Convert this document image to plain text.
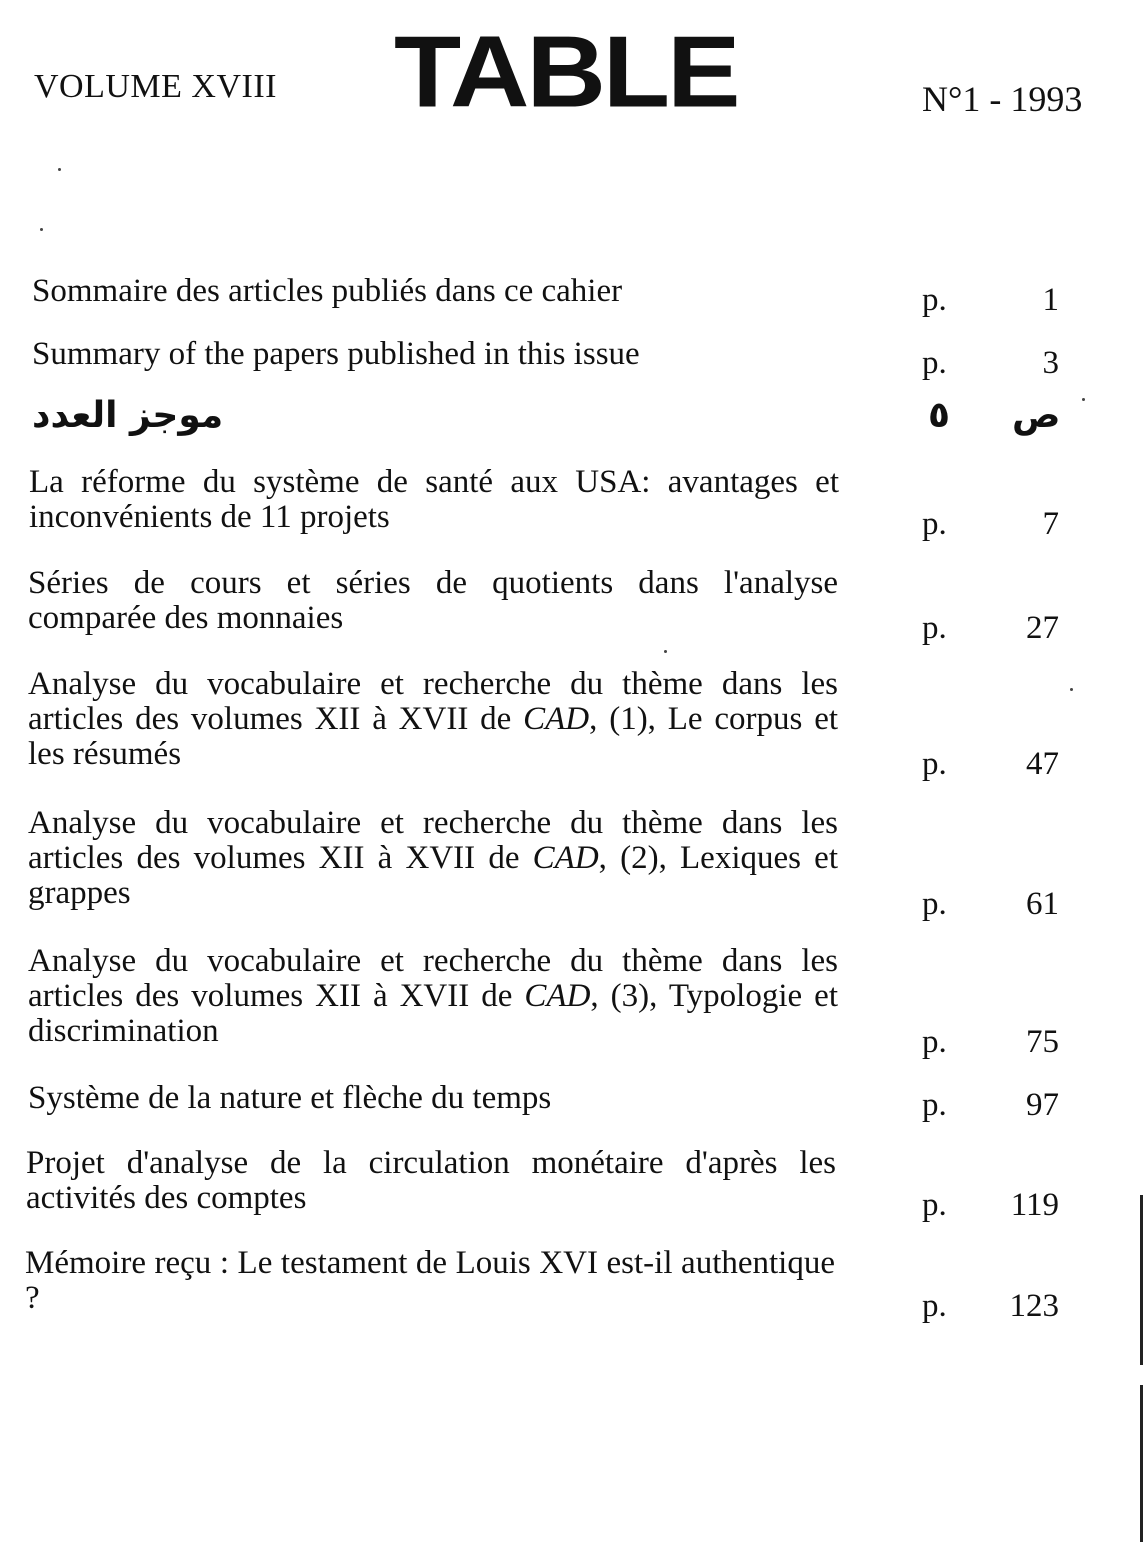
VOLUME XVIII TABLE	N°1 - 1993
Sommaire des articles publiés dans ce cahier	p.	1
Summary of the papers published in this issue	p.	3
موجز العدد	٥ ص
La réforme du système de santé aux USA: avantages et inconvénients de 11 projets	p.	7
Séries de cours et séries de quotients dans l'analyse comparée des monnaies	p. 27
Analyse du vocabulaire et recherche du thème dans les articles des volumes XII à XVII de CAD, (1), Le corpus et les résumés	p. 47
Analyse du vocabulaire et recherche du thème dans les articles des volumes XII à XVII de CAD, (2), Lexiques et grappes	p. 61
Analyse du vocabulaire et recherche du thème dans les articles des volumes XII à XVII de CAD, (3), Typologie et discrimination	p. 75
Système de la nature et flèche du temps	p. 97
Projet d'analyse de la circulation monétaire d'après les activités des comptes	p. 119
Mémoire reçu : Le testament de Louis XVI est-il authentique ?	p. 123
